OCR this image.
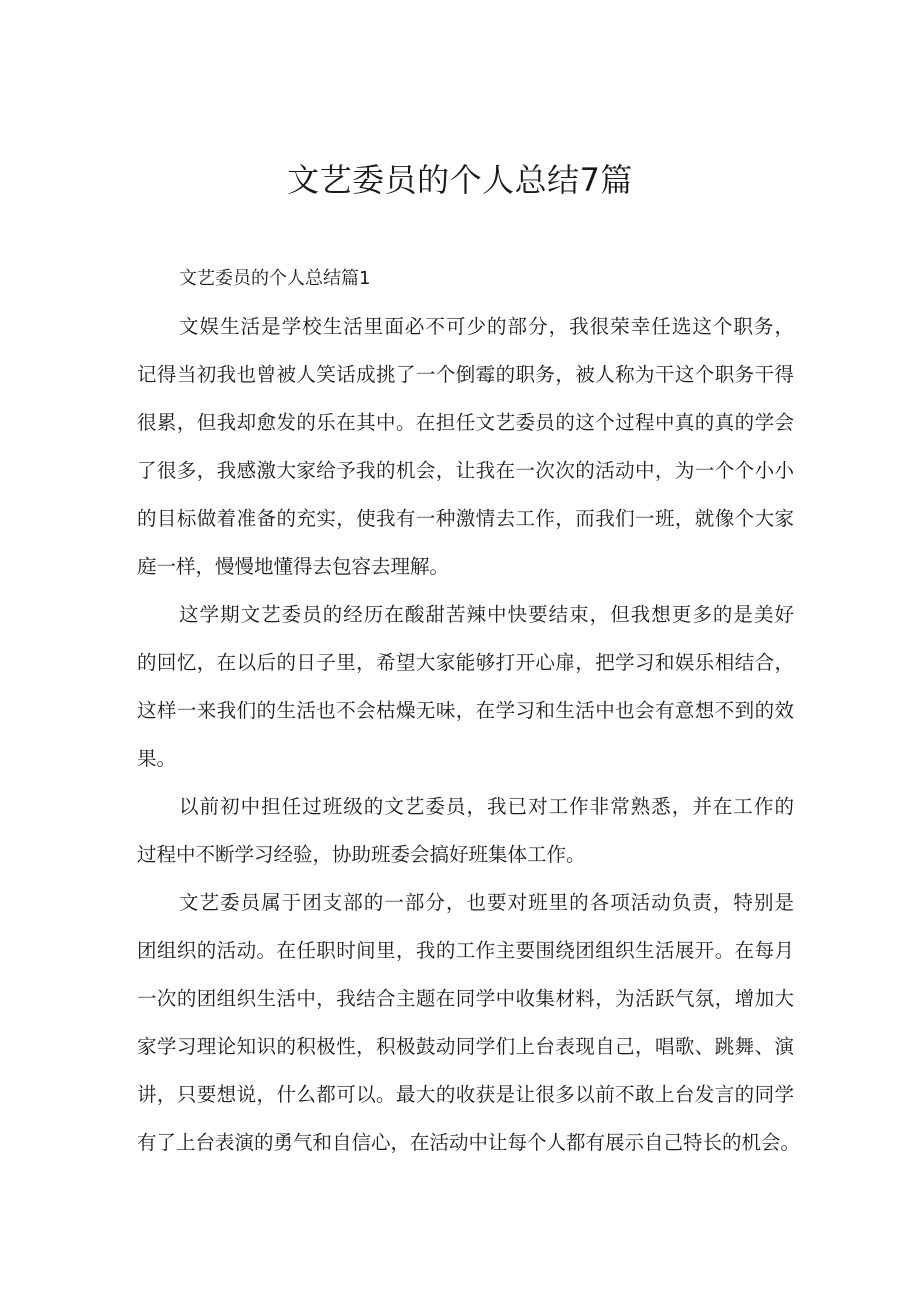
文艺委员的个人总结7篇
文艺委员的个人总结篇1
文娱生活是学校生活里面必不可少的部分，我很荣幸任选这个职务，
记得当初我也曾被人笑话成挑了一个倒霉的职务，被人称为干这个职务干得
很累，但我却愈发的乐在其中。在担任文艺委员的这个过程中真的真的学会
了很多，我感激大家给予我的机会，让我在一次次的活动中，为一个个小小
的目标做着准备的充实，使我有一种激情去工作，而我们一班，就像个大家
庭一样，慢慢地懂得去包容去理解。
这学期文艺委员的经历在酸甜苦辣中快要结束，但我想更多的是美好
的回忆，在以后的日子里，希望大家能够打开心扉，把学习和娱乐相结合，
这样一来我们的生活也不会枯燥无味，在学习和生活中也会有意想不到的效
果。
以前初中担任过班级的文艺委员，我已对工作非常熟悉，并在工作的
过程中不断学习经验，协助班委会搞好班集体工作。
文艺委员属于团支部的一部分，也要对班里的各项活动负责，特别是
团组织的活动。在任职时间里，我的工作主要围绕团组织生活展开。在每月
一次的团组织生活中，我结合主题在同学中收集材料，为活跃气氛，增加大
家学习理论知识的积极性，积极鼓动同学们上台表现自己，唱歌、跳舞、演
讲，只要想说，什么都可以。最大的收获是让很多以前不敢上台发言的同学
有了上台表演的勇气和自信心，在活动中让每个人都有展示自己特长的机会。
